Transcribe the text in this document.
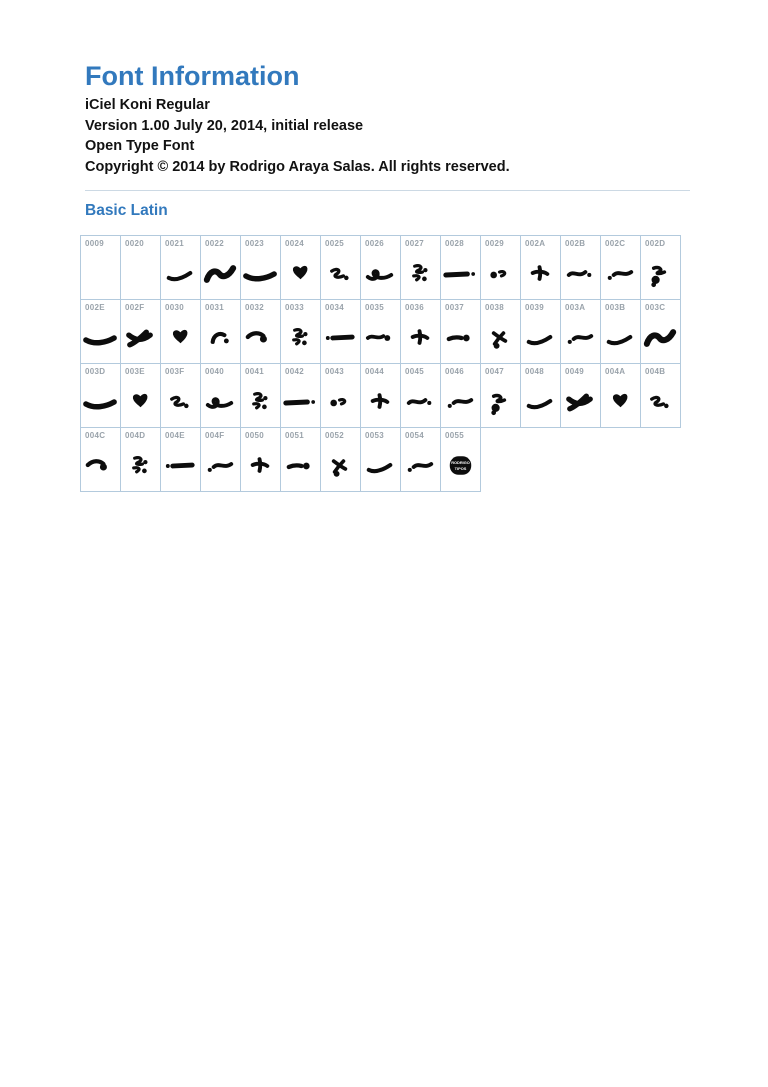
Font Information
iCiel Koni Regular
Version 1.00 July 20, 2014, initial release
Open Type Font
Copyright © 2014 by Rodrigo Araya Salas. All rights reserved.
Basic Latin
0009	0020	0021	0022	0023	0024	0025	0026	0027	0028	0029	002A	002B	002C	002D

002E	002F	0030	0031	0032	0033	0034	0035	0036	0037	0038	0039	003A	003B	003C

003D	003E	003F	0040	0041	0042	0043	0044	0045	0046	0047	0048	0049	004A	004B

004C	004D	004E	004F	0050	0051	0052	0053	0054	0055
RODRIGO
TIPOS					
